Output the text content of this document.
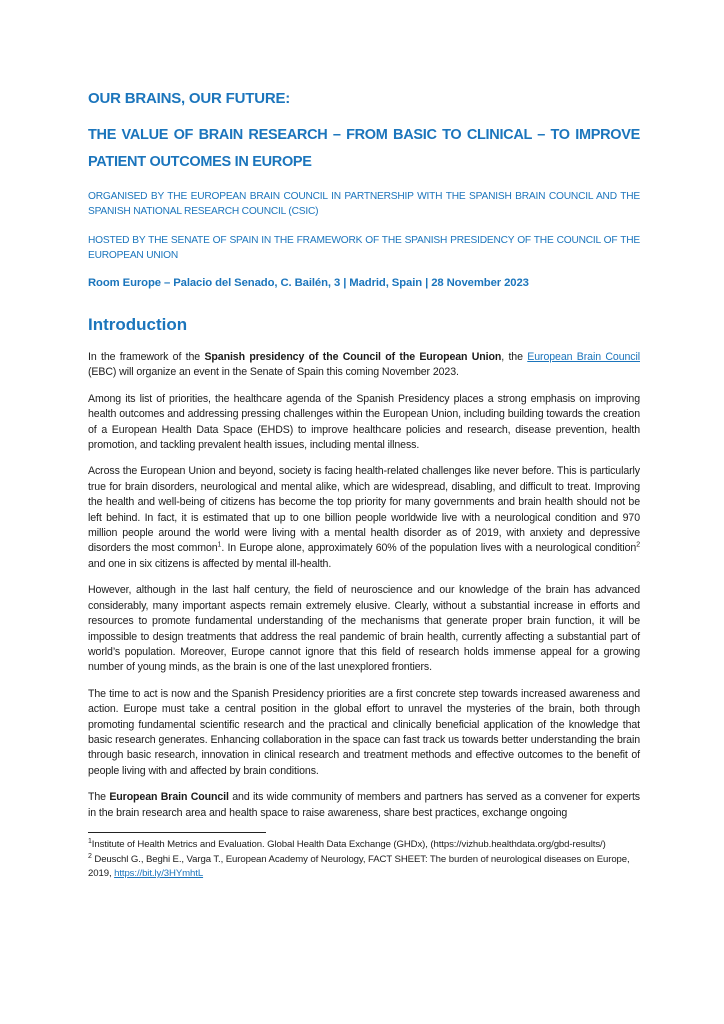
OUR BRAINS, OUR FUTURE:
THE VALUE OF BRAIN RESEARCH – FROM BASIC TO CLINICAL – TO IMPROVE PATIENT OUTCOMES IN EUROPE
ORGANISED BY THE EUROPEAN BRAIN COUNCIL IN PARTNERSHIP WITH THE SPANISH BRAIN COUNCIL AND THE SPANISH NATIONAL RESEARCH COUNCIL (CSIC)
HOSTED BY THE SENATE OF SPAIN IN THE FRAMEWORK OF THE SPANISH PRESIDENCY OF THE COUNCIL OF THE EUROPEAN UNION
Room Europe – Palacio del Senado, C. Bailén, 3 | Madrid, Spain | 28 November 2023
Introduction

In the framework of the Spanish presidency of the Council of the European Union, the European Brain Council (EBC) will organize an event in the Senate of Spain this coming November 2023.

Among its list of priorities, the healthcare agenda of the Spanish Presidency places a strong emphasis on improving health outcomes and addressing pressing challenges within the European Union, including building towards the creation of a European Health Data Space (EHDS) to improve healthcare policies and research, disease prevention, health promotion, and tackling prevalent health issues, including mental illness.

Across the European Union and beyond, society is facing health-related challenges like never before. This is particularly true for brain disorders, neurological and mental alike, which are widespread, disabling, and difficult to treat. Improving the health and well-being of citizens has become the top priority for many governments and brain health should not be left behind. In fact, it is estimated that up to one billion people worldwide live with a neurological condition and 970 million people around the world were living with a mental health disorder as of 2019, with anxiety and depressive disorders the most common$^1$. In Europe alone, approximately 60% of the population lives with a neurological condition$^2$ and one in six citizens is affected by mental ill-health.

However, although in the last half century, the field of neuroscience and our knowledge of the brain has advanced considerably, many important aspects remain extremely elusive. Clearly, without a substantial increase in efforts and resources to promote fundamental understanding of the mechanisms that generate proper brain function, it will be impossible to design treatments that address the real pandemic of brain health, currently affecting a substantial part of world’s population. Moreover, Europe cannot ignore that this field of research holds immense appeal for a growing number of young minds, as the brain is one of the last unexplored frontiers.

The time to act is now and the Spanish Presidency priorities are a first concrete step towards increased awareness and action. Europe must take a central position in the global effort to unravel the mysteries of the brain, both through promoting fundamental scientific research and the practical and clinically beneficial application of the knowledge that basic research generates. Enhancing collaboration in the space can fast track us towards better understanding the brain through basic research, innovation in clinical research and treatment methods and effective outcomes to the benefit of people living with and affected by brain conditions.

The European Brain Council and its wide community of members and partners has served as a convener for experts in the brain research area and health space to raise awareness, share best practices, exchange ongoing

$^1$Institute of Health Metrics and Evaluation. Global Health Data Exchange (GHDx), (https://vizhub.healthdata.org/gbd-results/)

$^2$ Deuschl G., Beghi E., Varga T., European Academy of Neurology, FACT SHEET: The burden of neurological diseases on Europe, 2019, https://bit.ly/3HYmhtL
